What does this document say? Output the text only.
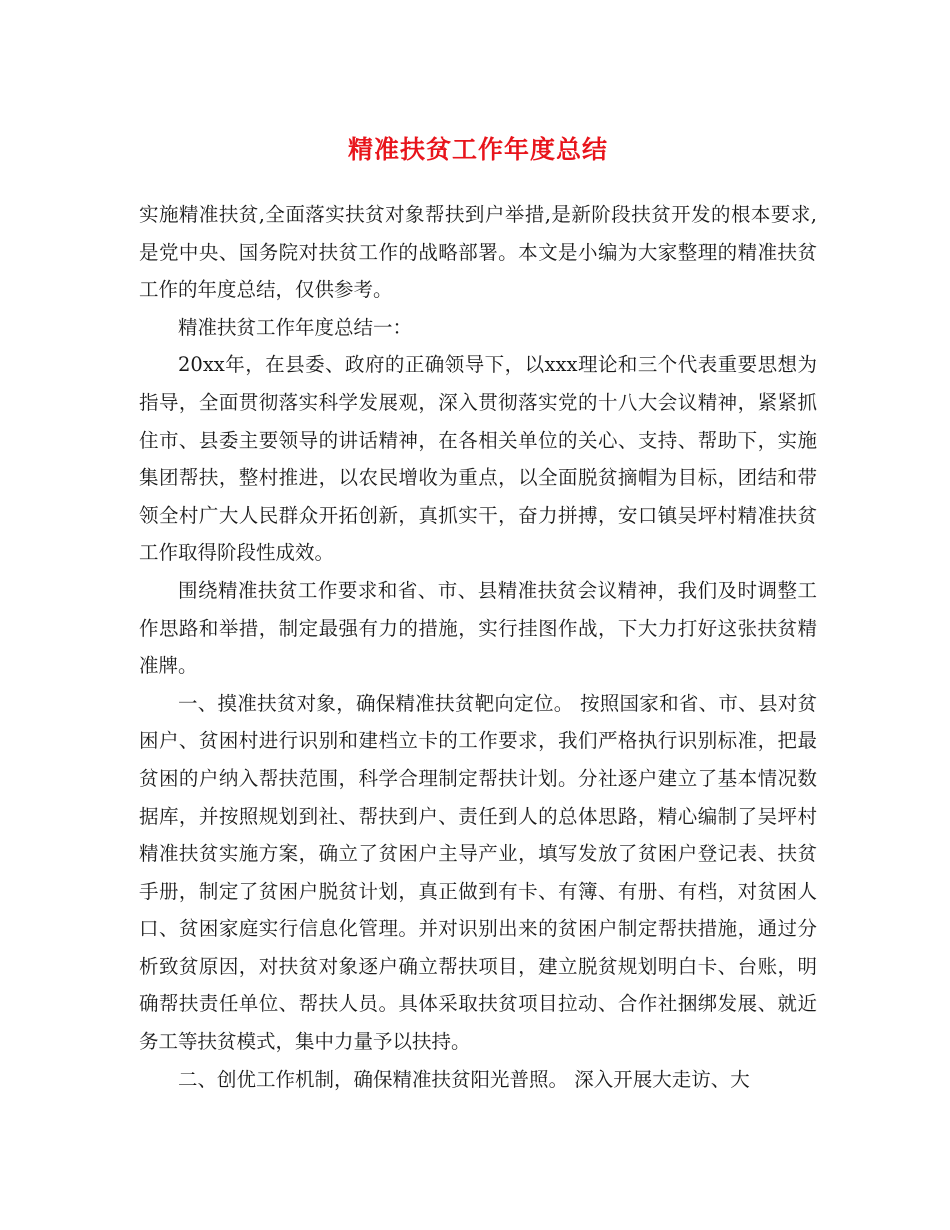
精准扶贫工作年度总结

实施精准扶贫,全面落实扶贫对象帮扶到户举措,是新阶段扶贫开发的根本要求,是党中央、国务院对扶贫工作的战略部署。本文是小编为大家整理的精准扶贫工作的年度总结，仅供参考。

精准扶贫工作年度总结一：

20xx年，在县委、政府的正确领导下，以xxx理论和三个代表重要思想为指导，全面贯彻落实科学发展观，深入贯彻落实党的十八大会议精神，紧紧抓住市、县委主要领导的讲话精神，在各相关单位的关心、支持、帮助下，实施集团帮扶，整村推进，以农民增收为重点，以全面脱贫摘帽为目标，团结和带领全村广大人民群众开拓创新，真抓实干，奋力拼搏，安口镇吴坪村精准扶贫工作取得阶段性成效。

围绕精准扶贫工作要求和省、市、县精准扶贫会议精神，我们及时调整工作思路和举措，制定最强有力的措施，实行挂图作战，下大力打好这张扶贫精准牌。

一、摸准扶贫对象，确保精准扶贫靶向定位。 按照国家和省、市、县对贫困户、贫困村进行识别和建档立卡的工作要求，我们严格执行识别标准，把最贫困的户纳入帮扶范围，科学合理制定帮扶计划。分社逐户建立了基本情况数据库，并按照规划到社、帮扶到户、责任到人的总体思路，精心编制了吴坪村精准扶贫实施方案，确立了贫困户主导产业，填写发放了贫困户登记表、扶贫手册，制定了贫困户脱贫计划，真正做到有卡、有簿、有册、有档，对贫困人口、贫困家庭实行信息化管理。并对识别出来的贫困户制定帮扶措施，通过分析致贫原因，对扶贫对象逐户确立帮扶项目，建立脱贫规划明白卡、台账，明确帮扶责任单位、帮扶人员。具体采取扶贫项目拉动、合作社捆绑发展、就近务工等扶贫模式，集中力量予以扶持。

二、创优工作机制，确保精准扶贫阳光普照。 深入开展大走访、大
